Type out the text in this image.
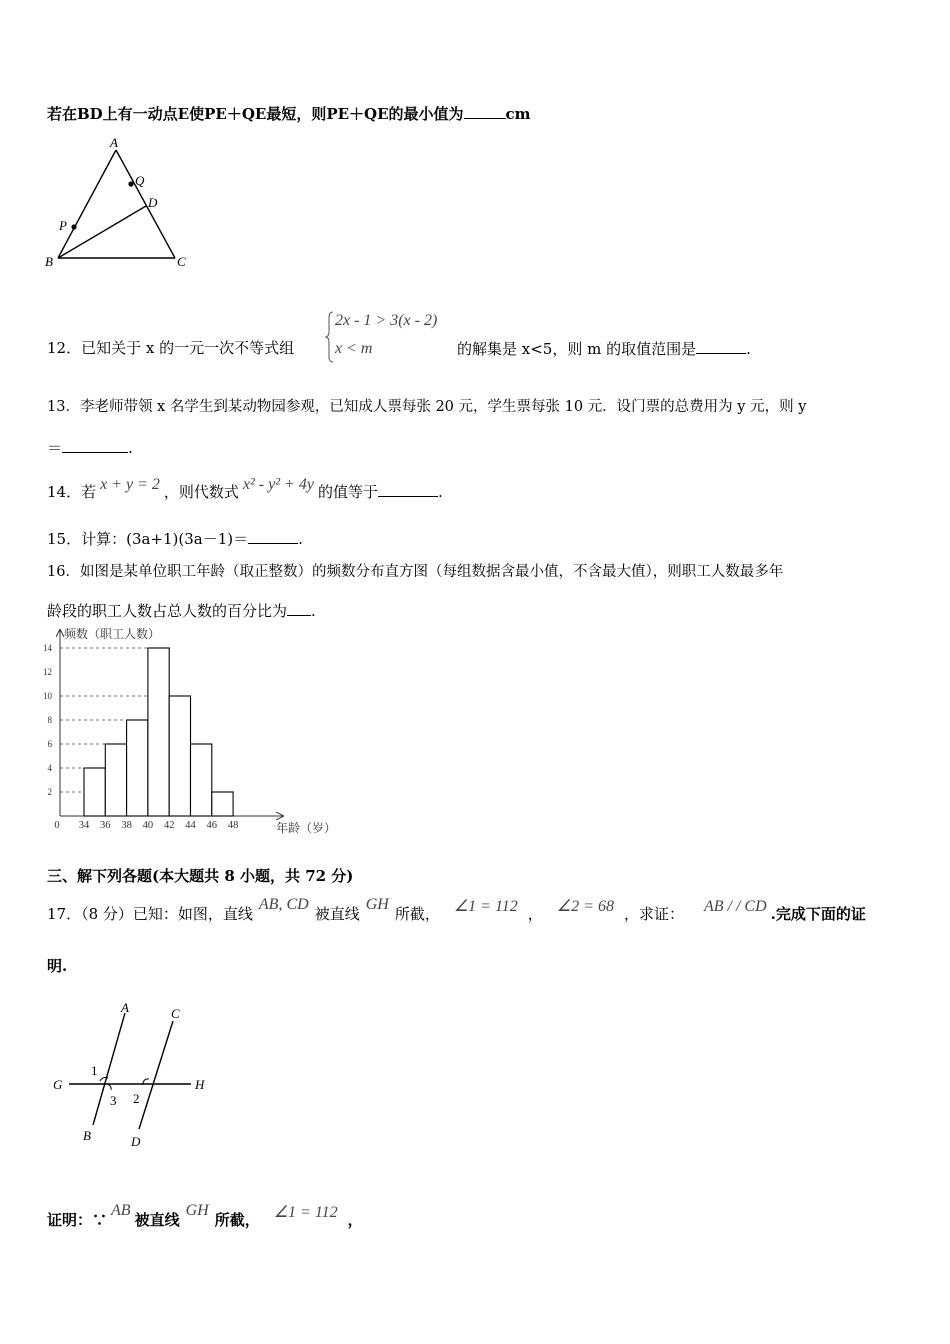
若在BD上有一动点E使PE＋QE最短，则PE＋QE的最小值为	cm
A
Q
D
P
B	C
12．已知关于 x 的一元一次不等式组
2x - 1 > 3(x - 2)
x < m	的解集是 x<5，则 m 的取值范围是	.
13．李老师带领 x 名学生到某动物园参观，已知成人票每张 20 元，学生票每张 10 元．设门票的总费用为 y 元，则 y
＝	.
14．若 x + y = 2 ，则代数式 x² - y² + 4y 的值等于	.
15．计算：(3a+1)(3a－1)＝	.
16．如图是某单位职工年龄（取正整数）的频数分布直方图（每组数据含最小值，不含最大值），则职工人数最多年
龄段的职工人数占总人数的百分比为 .
2
4
6
8
10
12
14
0 34 36 38 40 42 44 46 48
频数（职工人数）
年龄（岁）
三、解下列各题(本大题共 8 小题，共 72 分)
17．（8 分）已知：如图，直线AB, CD被直线GH所截， ∠1 = 112 ， ∠2 = 68 ，求证： AB / / CD .完成下面的证
明.
A	C
1
G	H
3 2
B	D
证明：∵AB被直线GH所截， ∠1 = 112 ，
